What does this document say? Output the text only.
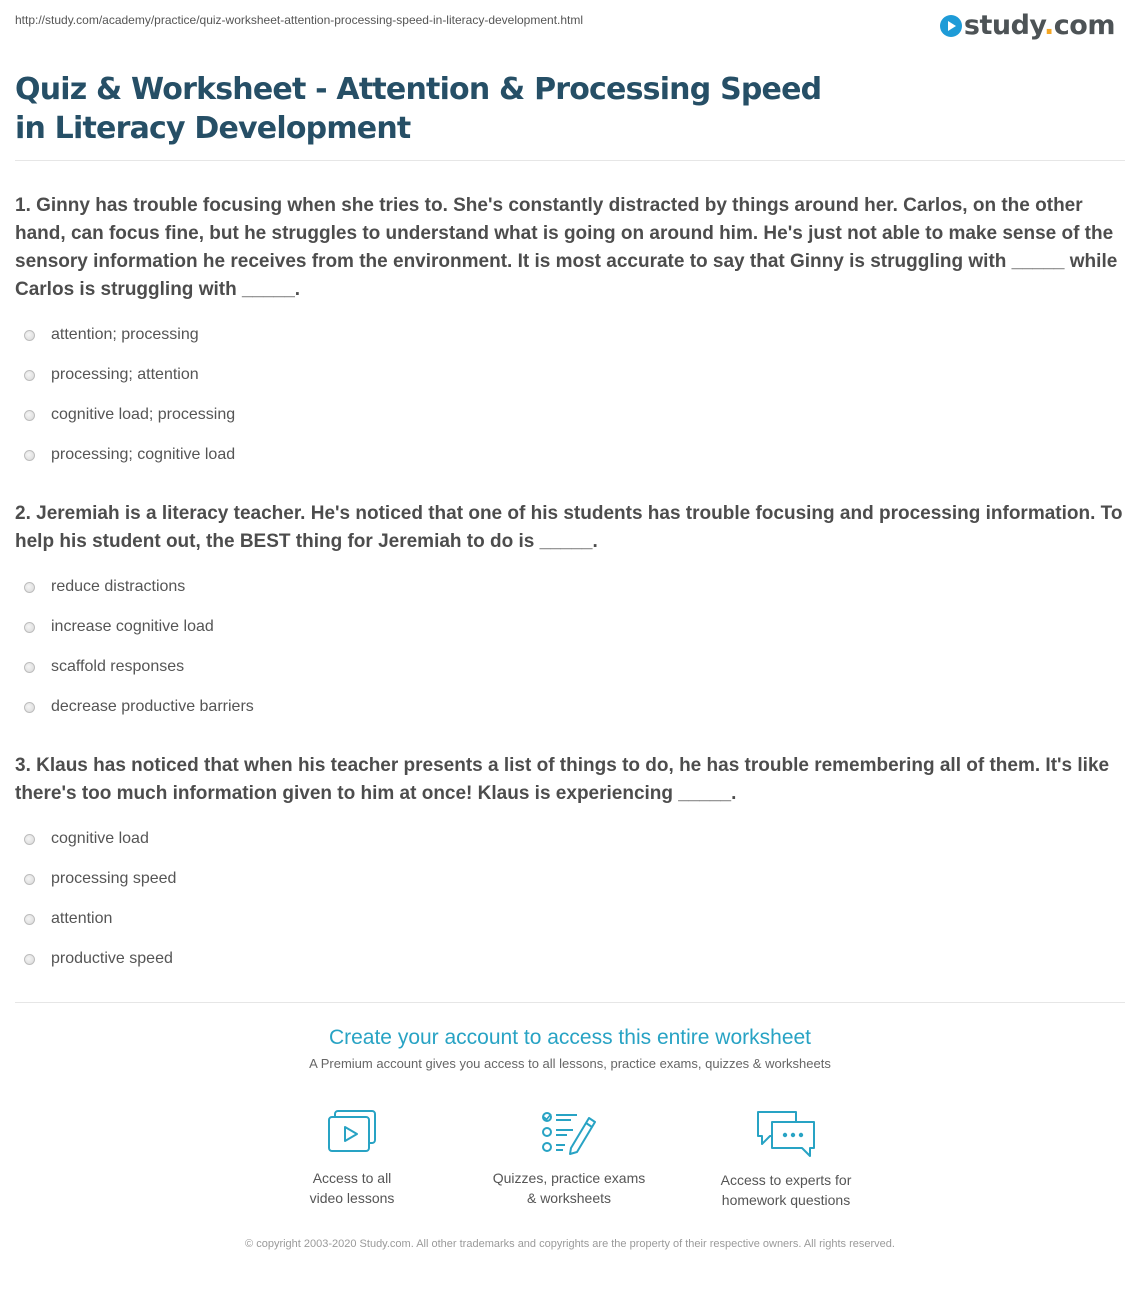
http://study.com/academy/practice/quiz-worksheet-attention-processing-speed-in-literacy-development.html	study.com
Quiz & Worksheet - Attention & Processing Speed in Literacy Development

1. Ginny has trouble focusing when she tries to. She's constantly distracted by things around her. Carlos, on the other hand, can focus fine, but he struggles to understand what is going on around him. He's just not able to make sense of the sensory information he receives from the environment. It is most accurate to say that Ginny is struggling with _____ while Carlos is struggling with _____.

attention; processing
processing; attention
cognitive load; processing
processing; cognitive load

2. Jeremiah is a literacy teacher. He's noticed that one of his students has trouble focusing and processing information. To help his student out, the BEST thing for Jeremiah to do is _____.

reduce distractions
increase cognitive load
scaffold responses
decrease productive barriers

3. Klaus has noticed that when his teacher presents a list of things to do, he has trouble remembering all of them. It's like there's too much information given to him at once! Klaus is experiencing _____.

cognitive load
processing speed
attention
productive speed
Create your account to access this entire worksheet
A Premium account gives you access to all lessons, practice exams, quizzes & worksheets
Access to all
video lessons
Quizzes, practice exams
& worksheets
Access to experts for
homework questions
© copyright 2003-2020 Study.com. All other trademarks and copyrights are the property of their respective owners. All rights reserved.
